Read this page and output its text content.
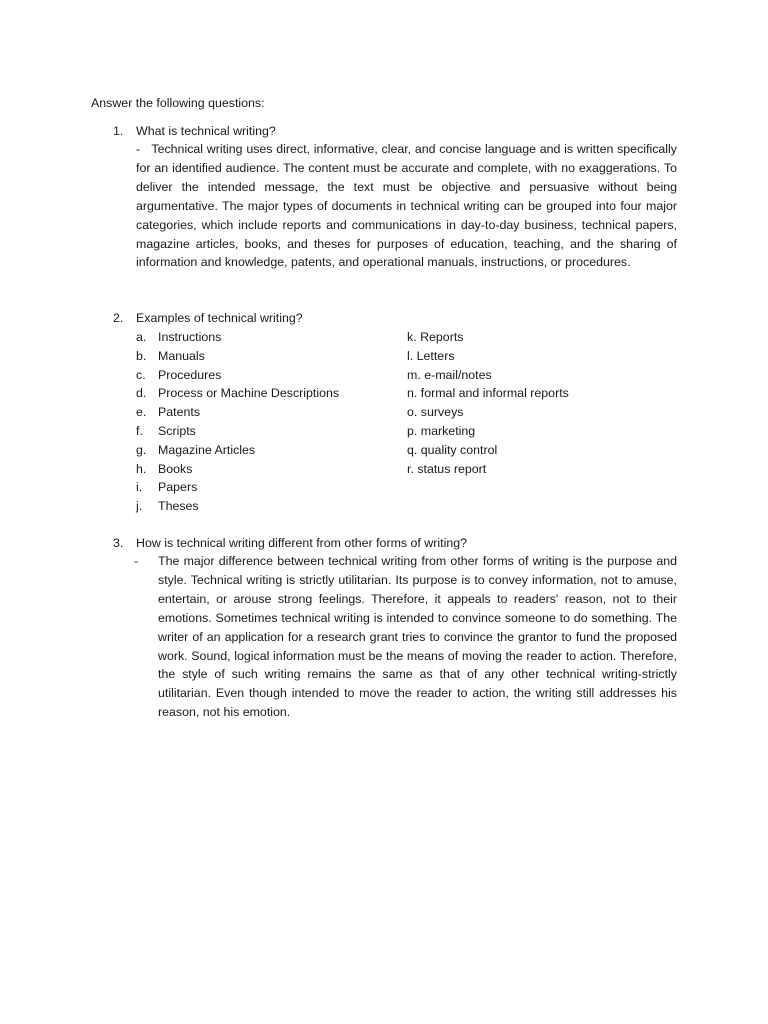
Answer the following questions:
1. What is technical writing?

- Technical writing uses direct, informative, clear, and concise language and is written specifically for an identified audience. The content must be accurate and complete, with no exaggerations. To deliver the intended message, the text must be objective and persuasive without being argumentative. The major types of documents in technical writing can be grouped into four major categories, which include reports and communications in day-to-day business, technical papers, magazine articles, books, and theses for purposes of education, teaching, and the sharing of information and knowledge, patents, and operational manuals, instructions, or procedures.

2. Examples of technical writing?
a. Instructions
b. Manuals
c. Procedures
d. Process or Machine Descriptions
e. Patents
f. Scripts
g. Magazine Articles
h. Books
i. Papers
j. Theses
k. Reports
l. Letters
m. e-mail/notes
n. formal and informal reports
o. surveys
p. marketing
q. quality control
r. status report
3. How is technical writing different from other forms of writing?
- The major difference between technical writing from other forms of writing is the purpose and style. Technical writing is strictly utilitarian. Its purpose is to convey information, not to amuse, entertain, or arouse strong feelings. Therefore, it appeals to readers' reason, not to their emotions. Sometimes technical writing is intended to convince someone to do something. The writer of an application for a research grant tries to convince the grantor to fund the proposed work. Sound, logical information must be the means of moving the reader to action. Therefore, the style of such writing remains the same as that of any other technical writing-strictly utilitarian. Even though intended to move the reader to action, the writing still addresses his reason, not his emotion.
